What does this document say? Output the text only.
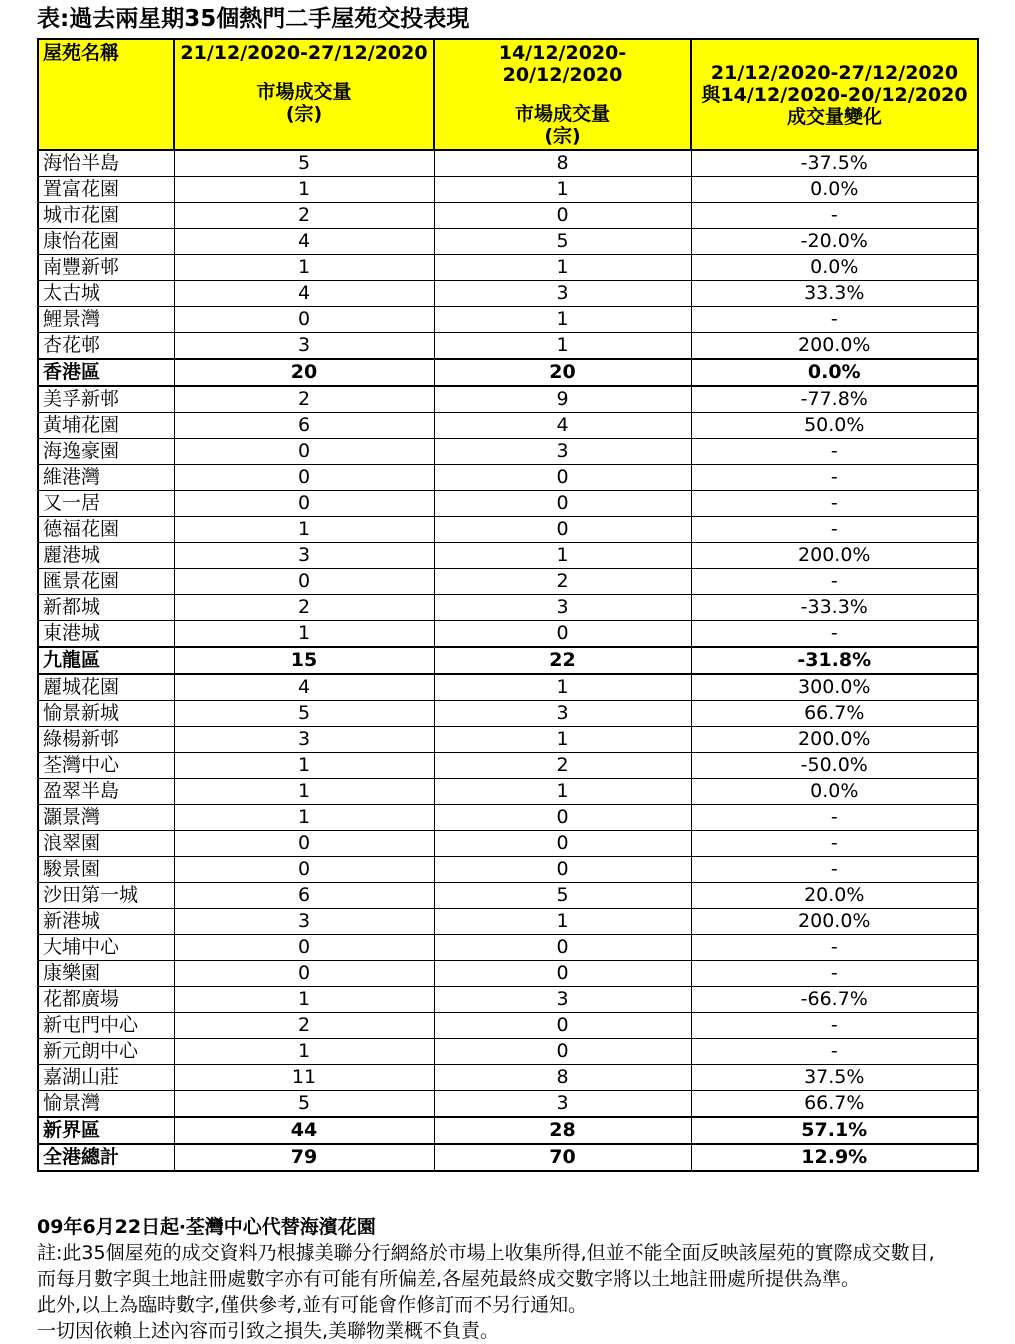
表:過去兩星期35個熱門二手屋苑交投表現
屋苑名稱	21/12/2020-27/12/2020
市場成交量
(宗)

14/12/2020-20/12/2020
市場成交量
(宗)

21/12/2020-27/12/2020
與14/12/2020-20/12/2020
成交量變化

海怡半島	5	8	-37.5%
置富花園	1	1	0.0%
城市花園	2	0	-
康怡花園	4	5	-20.0%
南豐新邨	1	1	0.0%
太古城	4	3	33.3%
鯉景灣	0	1	-
杏花邨	3	1	200.0%
香港區	20	20	0.0%
美孚新邨	2	9	-77.8%
黃埔花園	6	4	50.0%
海逸豪園	0	3	-
維港灣	0	0	-
又一居	0	0	-
德福花園	1	0	-
麗港城	3	1	200.0%
匯景花園	0	2	-
新都城	2	3	-33.3%
東港城	1	0	-
九龍區	15	22	-31.8%
麗城花園	4	1	300.0%
愉景新城	5	3	66.7%
綠楊新邨	3	1	200.0%
荃灣中心	1	2	-50.0%
盈翠半島	1	1	0.0%
灝景灣	1	0	-
浪翠園	0	0	-
駿景園	0	0	-
沙田第一城	6	5	20.0%
新港城	3	1	200.0%
大埔中心	0	0	-
康樂園	0	0	-
花都廣場	1	3	-66.7%
新屯門中心	2	0	-
新元朗中心	1	0	-
嘉湖山莊	11	8	37.5%
愉景灣	5	3	66.7%
新界區	44	28	57.1%
全港總計	79	70	12.9%

09年6月22日起‧荃灣中心代替海濱花園

註:此35個屋苑的成交資料乃根據美聯分行網絡於市場上收集所得,但並不能全面反映該屋苑的實際成交數目,

而每月數字與土地註冊處數字亦有可能有所偏差,各屋苑最終成交數字將以土地註冊處所提供為準。

此外,以上為臨時數字,僅供參考,並有可能會作修訂而不另行通知。

一切因依賴上述內容而引致之損失,美聯物業概不負責。
